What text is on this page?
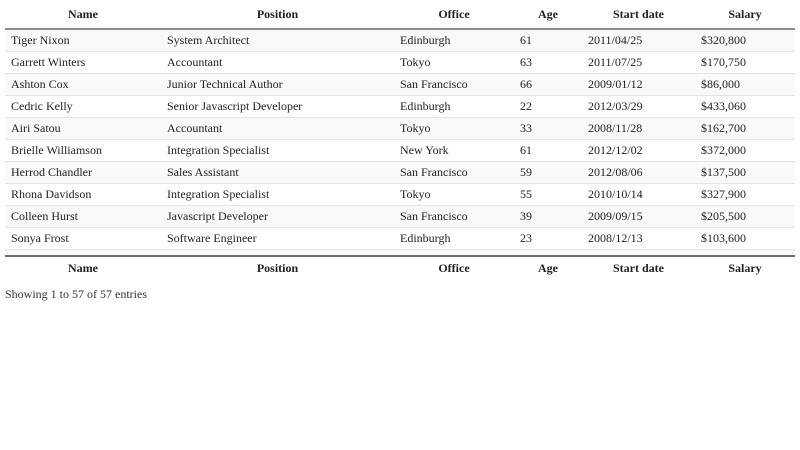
Name	Position	Office	Age	Start date	Salary
Tiger Nixon	System Architect	Edinburgh	61	2011/04/25	$320,800
Garrett Winters	Accountant	Tokyo	63	2011/07/25	$170,750
Ashton Cox	Junior Technical Author	San Francisco	66	2009/01/12	$86,000
Cedric Kelly	Senior Javascript Developer	Edinburgh	22	2012/03/29	$433,060
Airi Satou	Accountant	Tokyo	33	2008/11/28	$162,700
Brielle Williamson	Integration Specialist	New York	61	2012/12/02	$372,000
Herrod Chandler	Sales Assistant	San Francisco	59	2012/08/06	$137,500
Rhona Davidson	Integration Specialist	Tokyo	55	2010/10/14	$327,900
Colleen Hurst	Javascript Developer	San Francisco	39	2009/09/15	$205,500
Sonya Frost	Software Engineer	Edinburgh	23	2008/12/13	$103,600

Name	Position	Office	Age	Start date	Salary
Showing 1 to 57 of 57 entries
